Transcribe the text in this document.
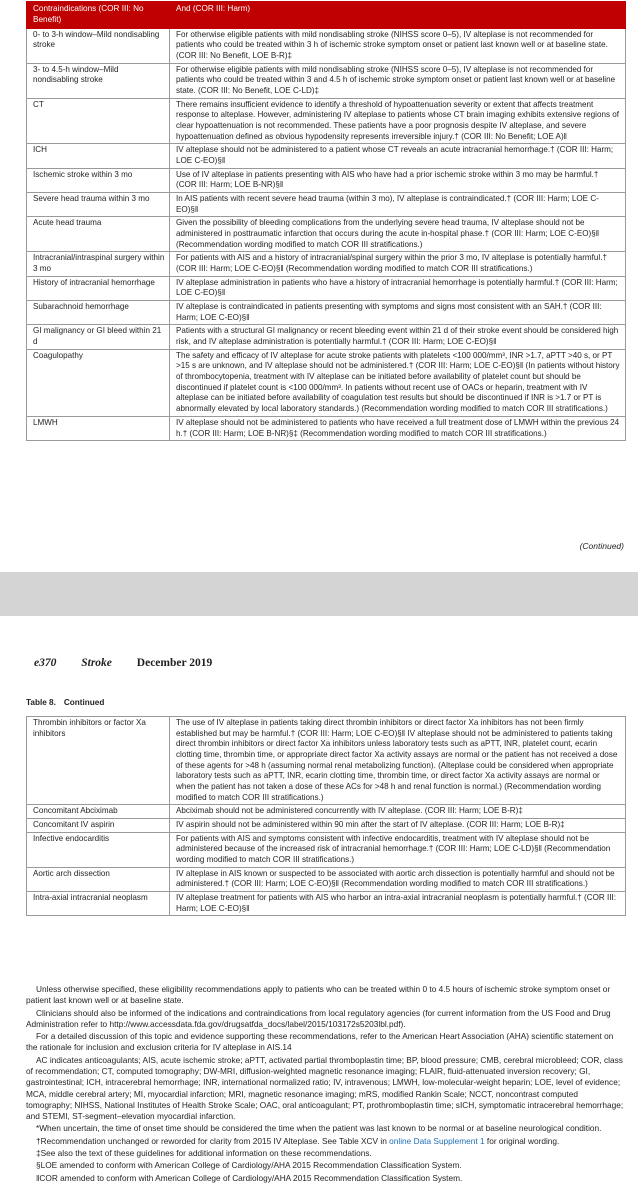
Contraindications (COR III: No Benefit)	And (COR III: Harm)
0- to 3-h window–Mild nondisabling stroke	For otherwise eligible patients with mild nondisabling stroke (NIHSS score 0–5), IV alteplase is not recommended for patients who could be treated within 3 h of ischemic stroke symptom onset or patient last known well or at baseline state. (COR III: No Benefit, LOE B-R)‡
3- to 4.5-h window–Mild nondisabling stroke	For otherwise eligible patients with mild nondisabling stroke (NIHSS score 0–5), IV alteplase is not recommended for patients who could be treated within 3 and 4.5 h of ischemic stroke symptom onset or patient last known well or at baseline state. (COR III: No Benefit, LOE C-LD)‡
CT	There remains insufficient evidence to identify a threshold of hypoattenuation severity or extent that affects treatment response to alteplase. However, administering IV alteplase to patients whose CT brain imaging exhibits extensive regions of clear hypoattenuation is not recommended. These patients have a poor prognosis despite IV alteplase, and severe hypoattenuation defined as obvious hypodensity represents irreversible injury.† (COR III: No Benefit; LOE A)‖
ICH	IV alteplase should not be administered to a patient whose CT reveals an acute intracranial hemorrhage.† (COR III: Harm; LOE C-EO)§‖
Ischemic stroke within 3 mo	Use of IV alteplase in patients presenting with AIS who have had a prior ischemic stroke within 3 mo may be harmful.† (COR III: Harm; LOE B-NR)§‖
Severe head trauma within 3 mo	In AIS patients with recent severe head trauma (within 3 mo), IV alteplase is contraindicated.† (COR III: Harm; LOE C-EO)§‖
Acute head trauma	Given the possibility of bleeding complications from the underlying severe head trauma, IV alteplase should not be administered in posttraumatic infarction that occurs during the acute in-hospital phase.† (COR III: Harm; LOE C-EO)§‖ (Recommendation wording modified to match COR III stratifications.)
Intracranial/intraspinal surgery within 3 mo	For patients with AIS and a history of intracranial/spinal surgery within the prior 3 mo, IV alteplase is potentially harmful.† (COR III: Harm; LOE C-EO)§‖ (Recommendation wording modified to match COR III stratifications.)
History of intracranial hemorrhage	IV alteplase administration in patients who have a history of intracranial hemorrhage is potentially harmful.† (COR III: Harm; LOE C-EO)§‖
Subarachnoid hemorrhage	IV alteplase is contraindicated in patients presenting with symptoms and signs most consistent with an SAH.† (COR III: Harm; LOE C-EO)§‖
GI malignancy or GI bleed within 21 d	Patients with a structural GI malignancy or recent bleeding event within 21 d of their stroke event should be considered high risk, and IV alteplase administration is potentially harmful.† (COR III: Harm; LOE C-EO)§‖
Coagulopathy	The safety and efficacy of IV alteplase for acute stroke patients with platelets <100 000/mm³, INR >1.7, aPTT >40 s, or PT >15 s are unknown, and IV alteplase should not be administered.† (COR III: Harm; LOE C-EO)§‖ (In patients without history of thrombocytopenia, treatment with IV alteplase can be initiated before availability of platelet count but should be discontinued if platelet count is <100 000/mm³. In patients without recent use of OACs or heparin, treatment with IV alteplase can be initiated before availability of coagulation test results but should be discontinued if INR is >1.7 or PT is abnormally elevated by local laboratory standards.) (Recommendation wording modified to match COR III stratifications.)
LMWH	IV alteplase should not be administered to patients who have received a full treatment dose of LMWH within the previous 24 h.† (COR III: Harm; LOE B-NR)§‡ (Recommendation wording modified to match COR III stratifications.)
(Continued)
e370 Stroke December 2019
Table 8. Continued
Thrombin inhibitors or factor Xa inhibitors	The use of IV alteplase in patients taking direct thrombin inhibitors or direct factor Xa inhibitors has not been firmly established but may be harmful.† (COR III: Harm; LOE C-EO)§‖ IV alteplase should not be administered to patients taking direct thrombin inhibitors or direct factor Xa inhibitors unless laboratory tests such as aPTT, INR, platelet count, ecarin clotting time, thrombin time, or appropriate direct factor Xa activity assays are normal or the patient has not received a dose of these agents for >48 h (assuming normal renal metabolizing function). (Alteplase could be considered when appropriate laboratory tests such as aPTT, INR, ecarin clotting time, thrombin time, or direct factor Xa activity assays are normal or when the patient has not taken a dose of these ACs for >48 h and renal function is normal.) (Recommendation wording modified to match COR III stratifications.)
Concomitant Abciximab	Abciximab should not be administered concurrently with IV alteplase. (COR III: Harm; LOE B-R)‡
Concomitant IV aspirin	IV aspirin should not be administered within 90 min after the start of IV alteplase. (COR III: Harm; LOE B-R)‡
Infective endocarditis	For patients with AIS and symptoms consistent with infective endocarditis, treatment with IV alteplase should not be administered because of the increased risk of intracranial hemorrhage.† (COR III: Harm; LOE C-LD)§‖ (Recommendation wording modified to match COR III stratifications.)
Aortic arch dissection	IV alteplase in AIS known or suspected to be associated with aortic arch dissection is potentially harmful and should not be administered.† (COR III: Harm; LOE C-EO)§‖ (Recommendation wording modified to match COR III stratifications.)
Intra-axial intracranial neoplasm	IV alteplase treatment for patients with AIS who harbor an intra-axial intracranial neoplasm is potentially harmful.† (COR III: Harm; LOE C-EO)§‖

Unless otherwise specified, these eligibility recommendations apply to patients who can be treated within 0 to 4.5 hours of ischemic stroke symptom onset or patient last known well or at baseline state.

Clinicians should also be informed of the indications and contraindications from local regulatory agencies (for current information from the US Food and Drug Administration refer to http://www.accessdata.fda.gov/drugsatfda_docs/label/2015/103172s5203lbl.pdf).

For a detailed discussion of this topic and evidence supporting these recommendations, refer to the American Heart Association (AHA) scientific statement on the rationale for inclusion and exclusion criteria for IV alteplase in AIS.14

AC indicates anticoagulants; AIS, acute ischemic stroke; aPTT, activated partial thromboplastin time; BP, blood pressure; CMB, cerebral microbleed; COR, class of recommendation; CT, computed tomography; DW-MRI, diffusion-weighted magnetic resonance imaging; FLAIR, fluid-attenuated inversion recovery; GI, gastrointestinal; ICH, intracerebral hemorrhage; INR, international normalized ratio; IV, intravenous; LMWH, low-molecular-weight heparin; LOE, level of evidence; MCA, middle cerebral artery; MI, myocardial infarction; MRI, magnetic resonance imaging; mRS, modified Rankin Scale; NCCT, noncontrast computed tomography; NIHSS, National Institutes of Health Stroke Scale; OAC, oral anticoagulant; PT, prothromboplastin time; sICH, symptomatic intracerebral hemorrhage; and STEMI, ST-segment–elevation myocardial infarction.

*When uncertain, the time of onset time should be considered the time when the patient was last known to be normal or at baseline neurological condition.

†Recommendation unchanged or reworded for clarity from 2015 IV Alteplase. See Table XCV in online Data Supplement 1 for original wording.

‡See also the text of these guidelines for additional information on these recommendations.

§LOE amended to conform with American College of Cardiology/AHA 2015 Recommendation Classification System.

‖COR amended to conform with American College of Cardiology/AHA 2015 Recommendation Classification System.
